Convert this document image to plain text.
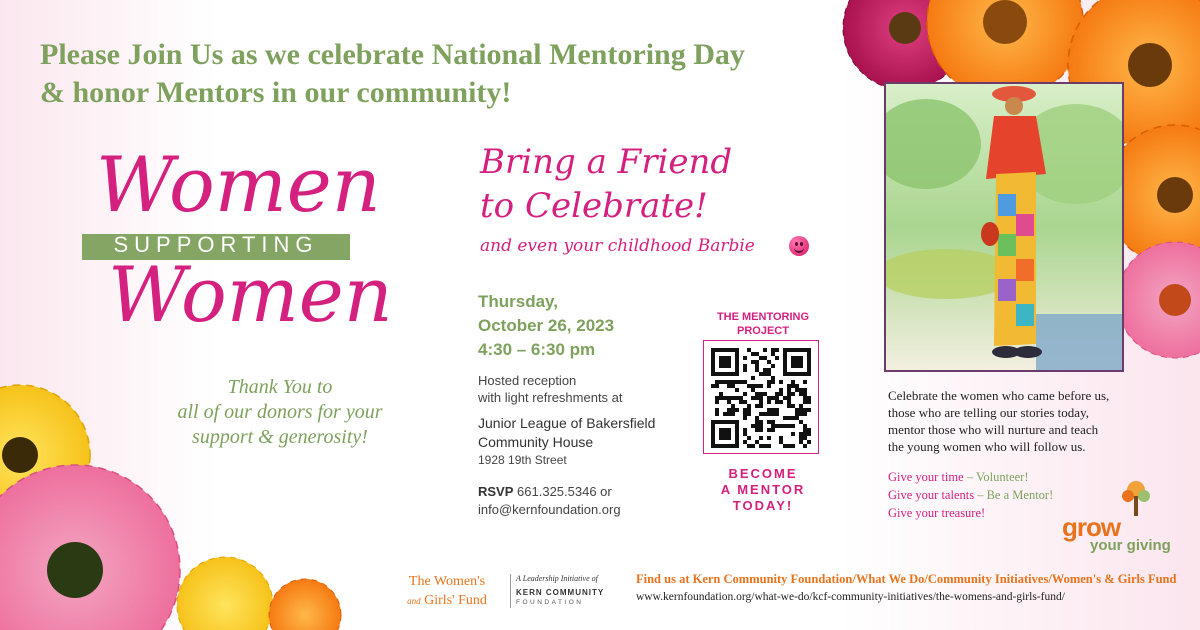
Please Join Us as we celebrate National Mentoring Day
& honor Mentors in our community!
Women
SUPPORTING
Women
Thank You to
all of our donors for your
support & generosity!
Bring a Friend
to Celebrate!
and even your childhood Barbie
Thursday,
October 26, 2023
4:30 – 6:30 pm
Hosted reception
with light refreshments at
Junior League of Bakersfield
Community House
1928 19th Street
RSVP 661.325.5346 or
info@kernfoundation.org
THE MENTORING
PROJECT
BECOME
A MENTOR
TODAY!
Celebrate the women who came before us,
those who are telling our stories today,
mentor those who will nurture and teach
the young women who will follow us.
Give your time – Volunteer!
Give your talents – Be a Mentor!
Give your treasure!	grow
your giving
The Women's
and Girls' Fund
A Leadership Initiative of
KERN COMMUNITY
FOUNDATION
Find us at Kern Community Foundation/What We Do/Community Initiatives/Women's & Girls Fund
www.kernfoundation.org/what-we-do/kcf-community-initiatives/the-womens-and-girls-fund/
